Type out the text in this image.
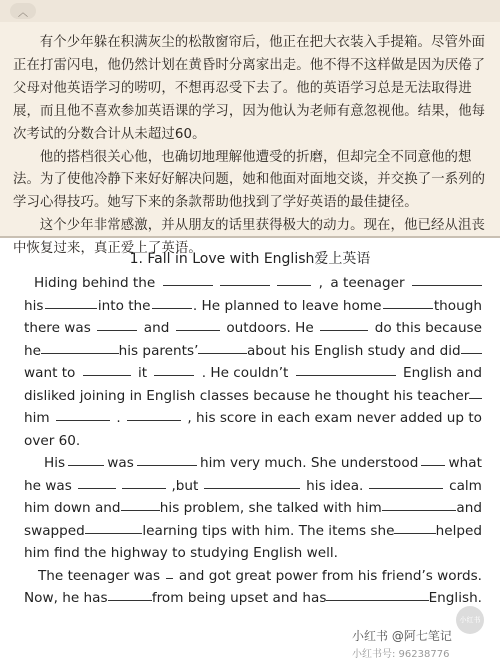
︿

有个少年躲在积满灰尘的松散窗帘后，他正在把大衣装入手提箱。尽管外面正在打雷闪电，他仍然计划在黄昏时分离家出走。他不得不这样做是因为厌倦了父母对他英语学习的唠叨，不想再忍受下去了。他的英语学习总是无法取得进展，而且他不喜欢参加英语课的学习，因为他认为老师有意忽视他。结果，他每次考试的分数合计从未超过60。

他的搭档很关心他，也确切地理解他遭受的折磨，但却完全不同意他的想法。为了使他冷静下来好好解决问题，她和他面对面地交谈，并交换了一系列的学习心得技巧。她写下来的条款帮助他找到了学好英语的最佳捷径。

这个少年非常感激，并从朋友的话里获得极大的动力。现在，他已经从沮丧中恢复过来，真正爱上了英语。

1. Fall in Love with English爱上英语
Hiding behind the	, a teenager
his	into the	. He planned to leave home	though
there was	and	outdoors. He	do this because
he	his parents’	about his English study and did
want to	it	. He couldn’t	English and
disliked joining in English classes because he thought his teacher
him	.	, his score in each exam never added up to
over 60.
His	was	him very much. She understood what
he was	,but	his idea.	calm
him down and	his problem, she talked with him	and
swapped	learning tips with him. The items she	helped
him find the highway to studying English well.
The teenager was and got great power from his friend’s words.
Now, he has	from being upset and has	English.
小红书 @阿七笔记
小红书
小红书号: 96238776
